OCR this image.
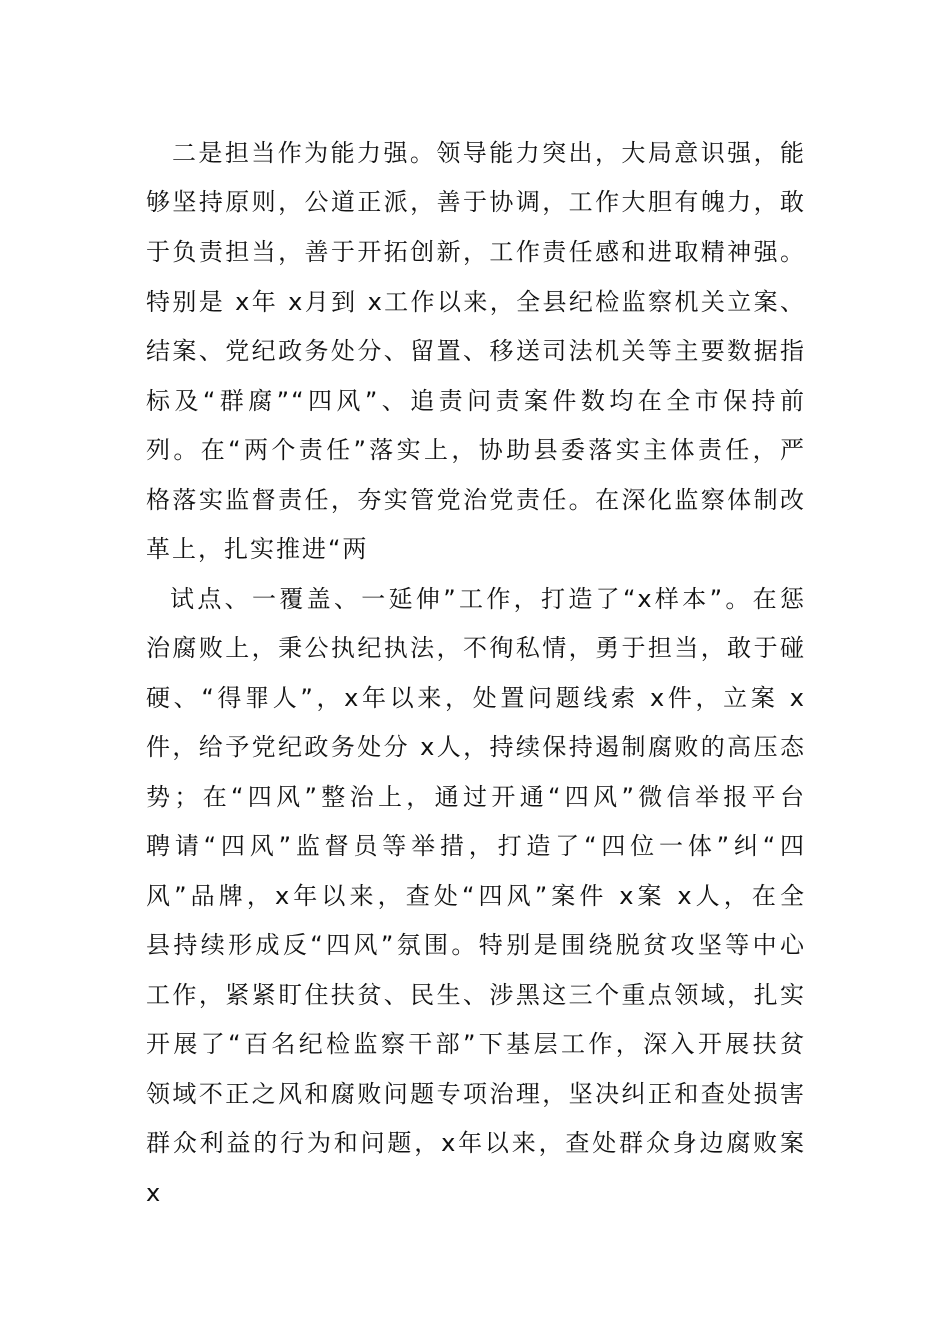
二是担当作为能力强。领导能力突出，大局意识强，能
够坚持原则，公道正派，善于协调，工作大胆有魄力，敢
于负责担当，善于开拓创新，工作责任感和进取精神强。
特别是 x年 x月到 x工作以来，全县纪检监察机关立案、
结案、党纪政务处分、留置、移送司法机关等主要数据指
标及“群腐”“四风”、追责问责案件数均在全市保持前
列。在“两个责任”落实上，协助县委落实主体责任，严
格落实监督责任，夯实管党治党责任。在深化监察体制改
革上，扎实推进“两
试点、一覆盖、一延伸”工作，打造了“x样本”。在惩
治腐败上，秉公执纪执法，不徇私情，勇于担当，敢于碰
硬、“得罪人”，x年以来，处置问题线索 x件，立案 x
件，给予党纪政务处分 x人，持续保持遏制腐败的高压态
势；在“四风”整治上，通过开通“四风”微信举报平台
聘请“四风”监督员等举措，打造了“四位一体”纠“四
风”品牌，x年以来，查处“四风”案件 x案 x人，在全
县持续形成反“四风”氛围。特别是围绕脱贫攻坚等中心
工作，紧紧盯住扶贫、民生、涉黑这三个重点领域，扎实
开展了“百名纪检监察干部”下基层工作，深入开展扶贫
领域不正之风和腐败问题专项治理，坚决纠正和查处损害
群众利益的行为和问题，x年以来，查处群众身边腐败案
x
